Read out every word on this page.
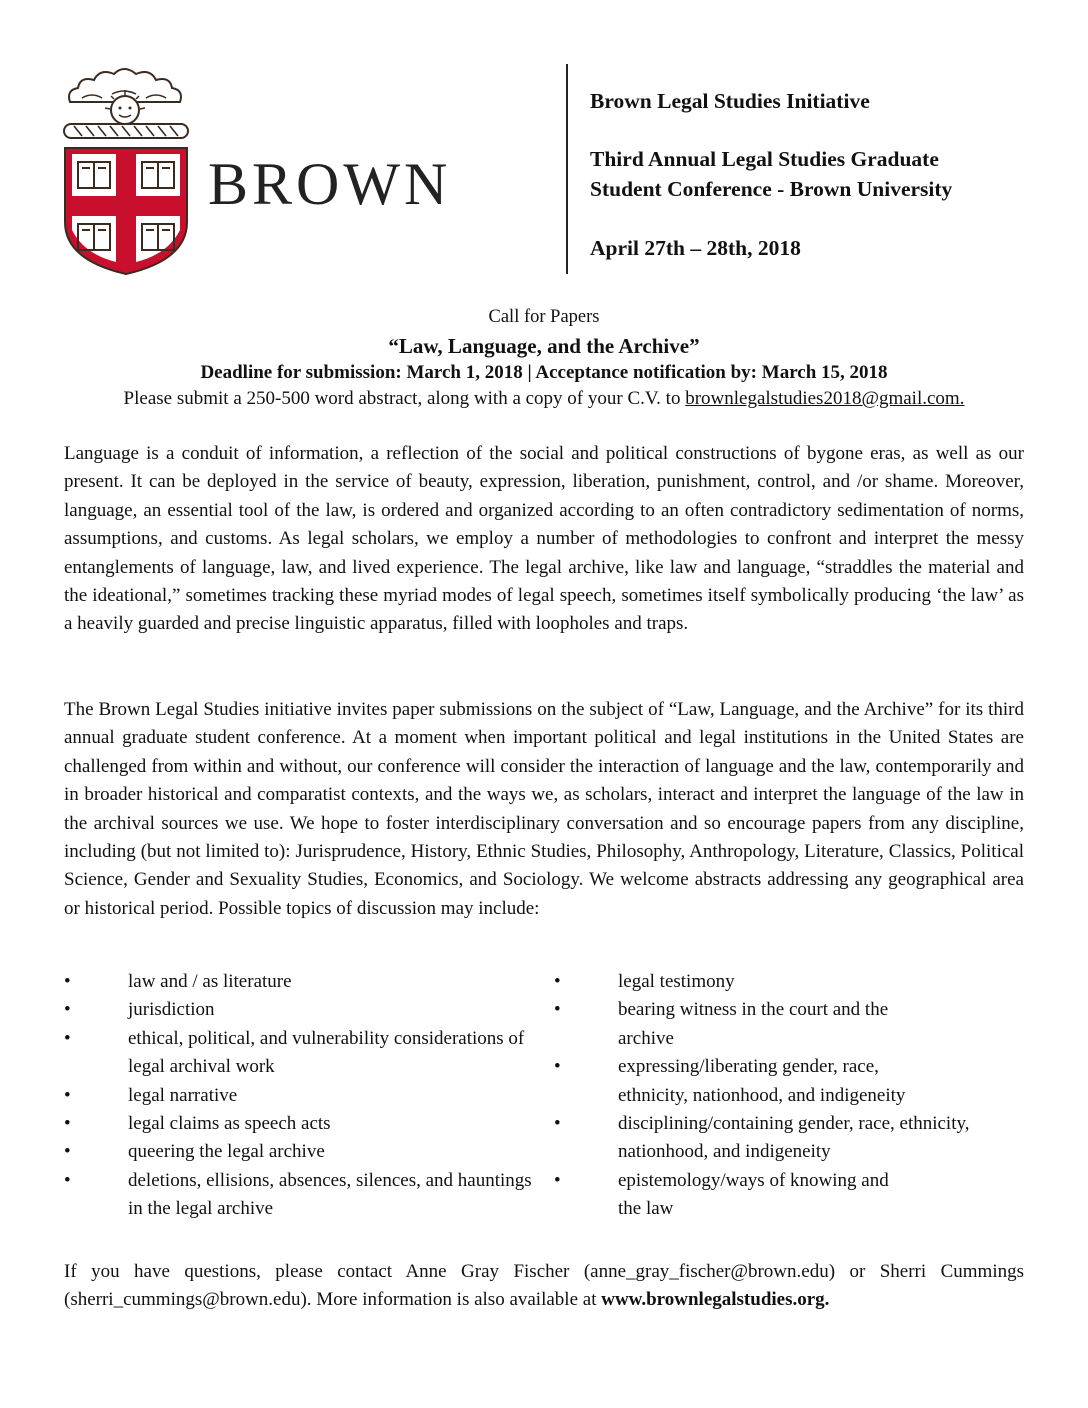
BROWN
Brown Legal Studies Initiative
Third Annual Legal Studies Graduate
Student Conference - Brown University
April 27th – 28th, 2018
Call for Papers
“Law, Language, and the Archive”
Deadline for submission: March 1, 2018 | Acceptance notification by: March 15, 2018
Please submit a 250-500 word abstract, along with a copy of your C.V. to brownlegalstudies2018@gmail.com.

Language is a conduit of information, a reflection of the social and political constructions of bygone eras, as well as our present. It can be deployed in the service of beauty, expression, liberation, punishment, control, and /or shame. Moreover, language, an essential tool of the law, is ordered and organized according to an often contradictory sedimentation of norms, assumptions, and customs. As legal scholars, we employ a number of methodologies to confront and interpret the messy entanglements of language, law, and lived experience. The legal archive, like law and language, “straddles the material and the ideational,” sometimes tracking these myriad modes of legal speech, sometimes itself symbolically producing ‘the law’ as a heavily guarded and precise linguistic apparatus, filled with loopholes and traps.

The Brown Legal Studies initiative invites paper submissions on the subject of “Law, Language, and the Archive” for its third annual graduate student conference. At a moment when important political and legal institutions in the United States are challenged from within and without, our conference will consider the interaction of language and the law, contemporarily and in broader historical and comparatist contexts, and the ways we, as scholars, interact and interpret the language of the law in the archival sources we use. We hope to foster interdisciplinary conversation and so encourage papers from any discipline, including (but not limited to): Jurisprudence, History, Ethnic Studies, Philosophy, Anthropology, Literature, Classics, Political Science, Gender and Sexuality Studies, Economics, and Sociology. We welcome abstracts addressing any geographical area or historical period. Possible topics of discussion may include:

• law and / as literature
• jurisdiction
• ethical, political, and vulnerability considerations of legal archival work
• legal narrative
• legal claims as speech acts
• queering the legal archive
• deletions, ellisions, absences, silences, and hauntings in the legal archive
• legal testimony
• bearing witness in the court and the archive
• expressing/liberating gender, race, ethnicity, nationhood, and indigeneity
• disciplining/containing gender, race, ethnicity, nationhood, and indigeneity
• epistemology/ways of knowing and the law

If you have questions, please contact Anne Gray Fischer (anne_gray_fischer@brown.edu) or Sherri Cummings (sherri_cummings@brown.edu). More information is also available at www.brownlegalstudies.org.
